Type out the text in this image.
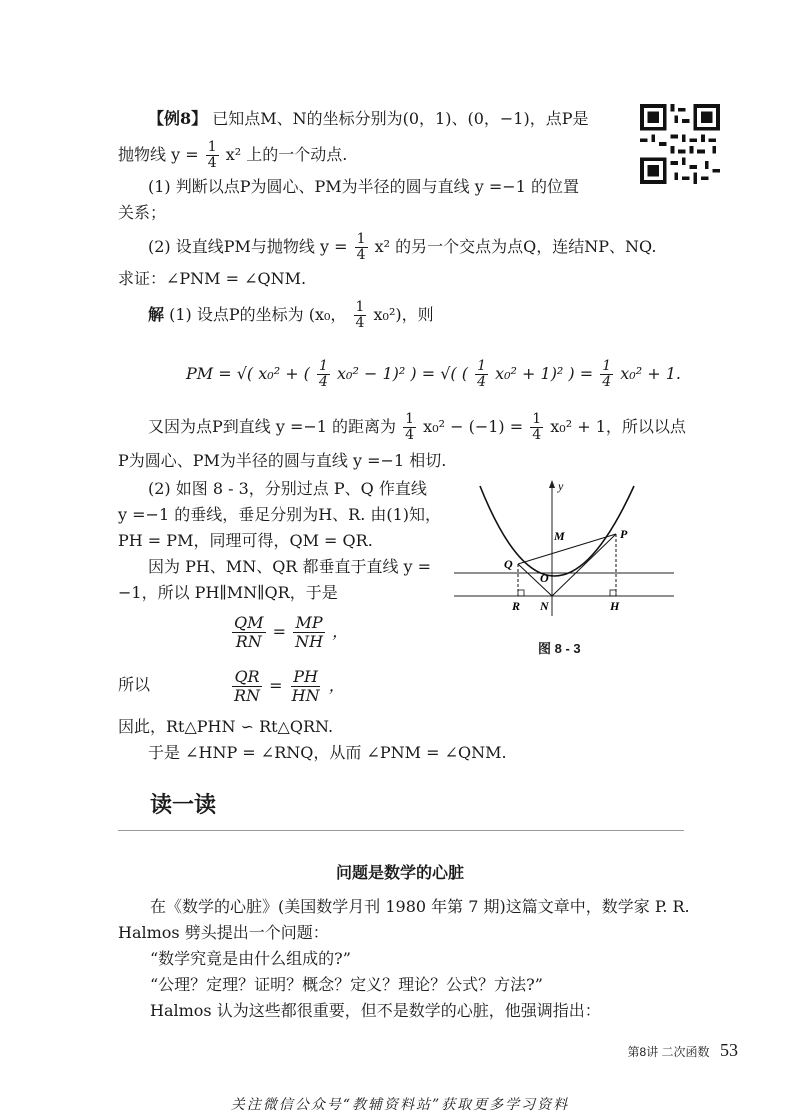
【例8】 已知点M、N的坐标分别为(0，1)、(0，−1)，点P是
抛物线 $y = \frac{1}{4} x^2$ 上的一个动点.
(1) 判断以点P为圆心、PM为半径的圆与直线 y =−1 的位置
关系；
(2) 设直线PM与抛物线 $y = \frac{1}{4} x^2$ 的另一个交点为点Q，连结NP、NQ.
求证：∠PNM = ∠QNM.
解 (1) 设点P的坐标为 (x₀， $\frac{1}{4} x_0^2$)，则
PM = √( x₀² + ( $\frac{1}{4} x_0^2 - 1)^2$ ) = √( ( $\frac{1}{4} x_0^2 + 1)^2$ ) = $\frac{1}{4} x_0^2 + 1$.
又因为点P到直线 y =−1 的距离为 $\frac{1}{4} x_0^2 - (-1) = \frac{1}{4} x_0^2 + 1$，所以以点
P为圆心、PM为半径的圆与直线 y =−1 相切.
(2) 如图 8 - 3，分别过点 P、Q 作直线
y =−1 的垂线，垂足分别为H、R. 由(1)知，
PH = PM，同理可得，QM = QR.
因为 PH、MN、QR 都垂直于直线 y =
−1，所以 PH∥MN∥QR，于是
$\frac{QM}{RN} = \frac{MP}{NH}$ ，
所以	$\frac{QR}{RN} = \frac{PH}{HN}$ ，
因此，Rt△PHN ∽ Rt△QRN.
于是 ∠HNP = ∠RNQ，从而 ∠PNM = ∠QNM.
y
M	P
Q
O
R N	H
图 8 - 3
读一读
问题是数学的心脏
在《数学的心脏》(美国数学月刊 1980 年第 7 期)这篇文章中，数学家 P. R.
Halmos 劈头提出一个问题：
“数学究竟是由什么组成的?”
“公理？定理？证明？概念？定义？理论？公式？方法?”
Halmos 认为这些都很重要，但不是数学的心脏，他强调指出：
第8讲 二次函数 53
关注微信公众号“教辅资料站”获取更多学习资料
